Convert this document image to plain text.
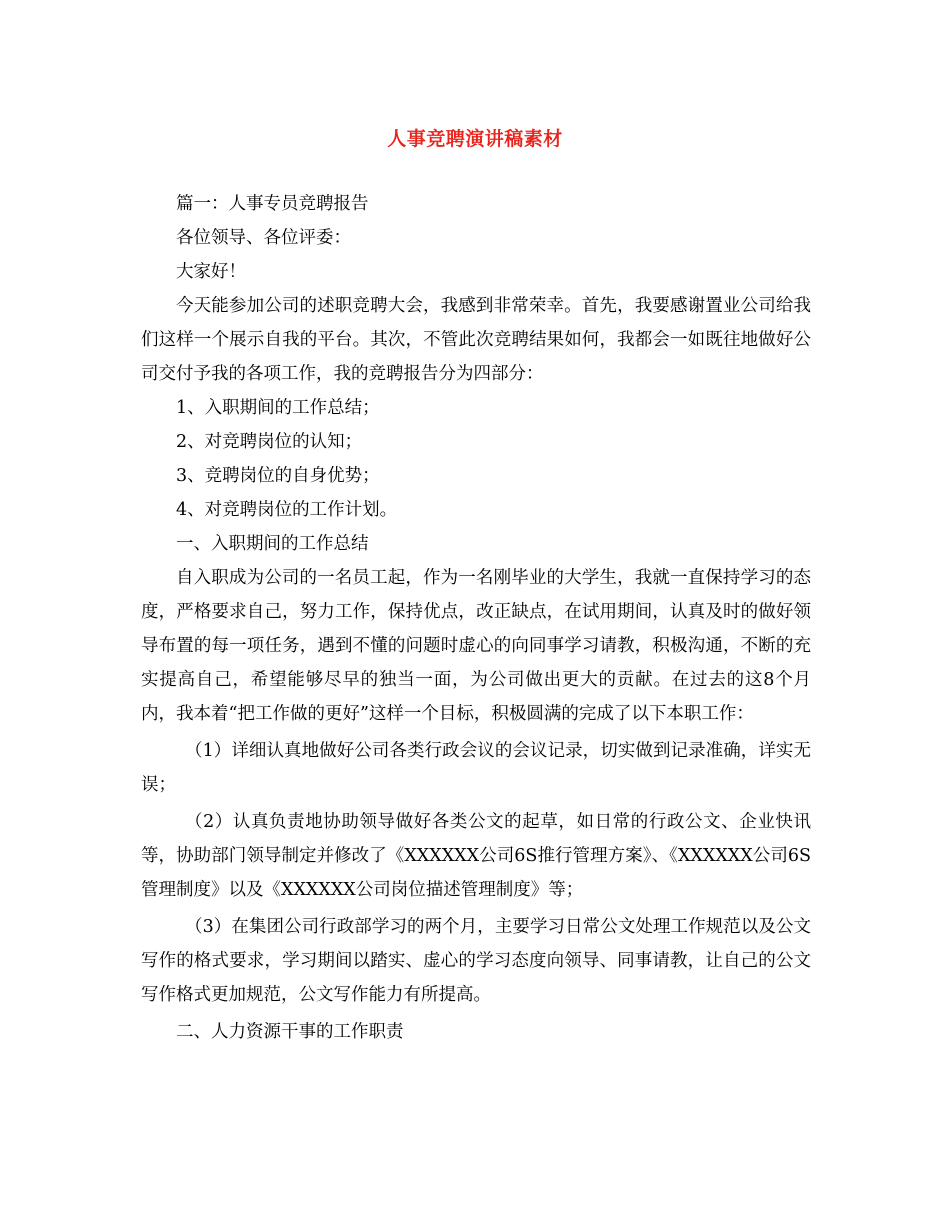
人事竞聘演讲稿素材

篇一：人事专员竞聘报告

各位领导、各位评委：

大家好！

今天能参加公司的述职竞聘大会，我感到非常荣幸。首先，我要感谢置业公司给我们这样一个展示自我的平台。其次，不管此次竞聘结果如何，我都会一如既往地做好公司交付予我的各项工作，我的竞聘报告分为四部分：

1、入职期间的工作总结；

2、对竞聘岗位的认知；

3、竞聘岗位的自身优势；

4、对竞聘岗位的工作计划。

一、入职期间的工作总结

自入职成为公司的一名员工起，作为一名刚毕业的大学生，我就一直保持学习的态度，严格要求自己，努力工作，保持优点，改正缺点，在试用期间，认真及时的做好领导布置的每一项任务，遇到不懂的问题时虚心的向同事学习请教，积极沟通，不断的充实提高自己，希望能够尽早的独当一面，为公司做出更大的贡献。在过去的这8个月内，我本着“把工作做的更好”这样一个目标，积极圆满的完成了以下本职工作：

（1）详细认真地做好公司各类行政会议的会议记录，切实做到记录准确，详实无误；

（2）认真负责地协助领导做好各类公文的起草，如日常的行政公文、企业快讯等，协助部门领导制定并修改了《XXXXXX公司6S推行管理方案》、《XXXXXX公司6S管理制度》以及《XXXXXX公司岗位描述管理制度》等；

（3）在集团公司行政部学习的两个月，主要学习日常公文处理工作规范以及公文写作的格式要求，学习期间以踏实、虚心的学习态度向领导、同事请教，让自己的公文写作格式更加规范，公文写作能力有所提高。

二、人力资源干事的工作职责
